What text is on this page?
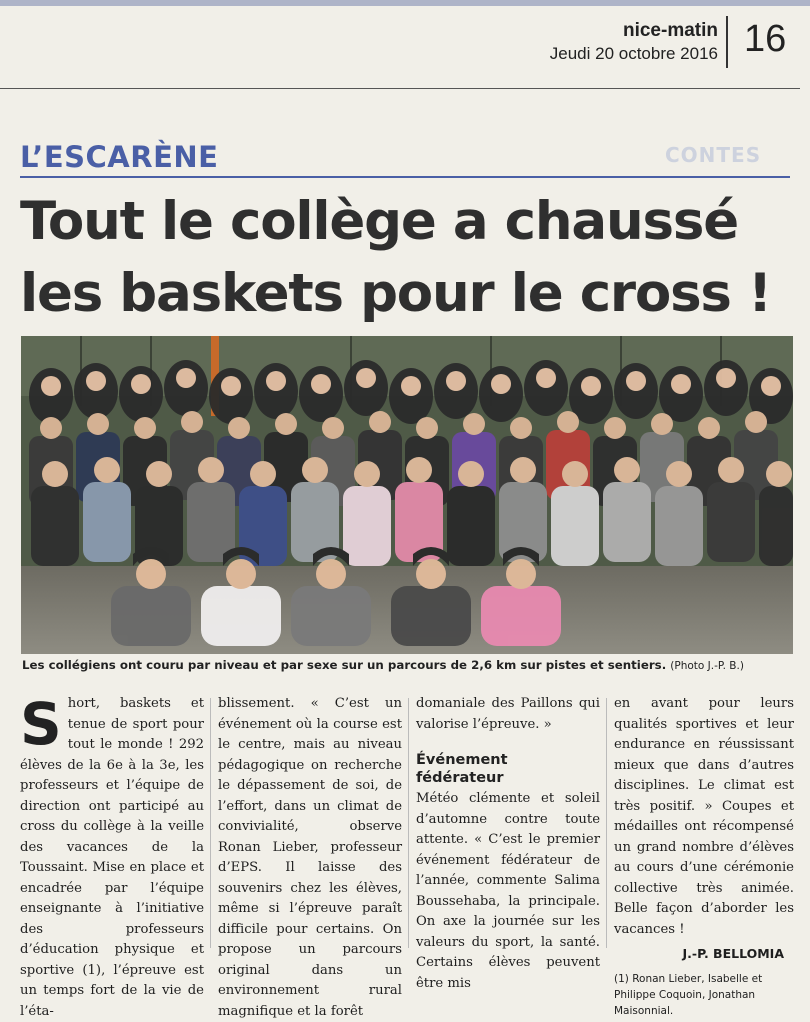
nice-matin
Jeudi 20 octobre 2016 16
CONTES
L’ESCARÈNE
Tout le collège a chaussé
les baskets pour le cross !
Les collégiens ont couru par niveau et par sexe sur un parcours de 2,6 km sur pistes et sentiers. (Photo J.-P. B.)
S hort, baskets et tenue de sport pour tout le monde ! 292 élèves de la 6e à la 3e, les professeurs et l’équipe de direction ont participé au cross du collège à la veille des vacances de la Toussaint. Mise en place et encadrée par l’équipe enseignante à l’initiative des professeurs d’éducation physique et sportive (1), l’épreuve est un temps fort de la vie de l’éta-

blissement. « C’est un événement où la course est le centre, mais au niveau pédagogique on recherche le dépassement de soi, de l’effort, dans un climat de convivialité, observe Ronan Lieber, professeur d’EPS. Il laisse des souvenirs chez les élèves, même si l’épreuve paraît difficile pour certains. On propose un parcours original dans un environnement rural magnifique et la forêt

domaniale des Paillons qui valorise l’épreuve. »

Événement fédérateur

Météo clémente et soleil d’automne contre toute attente. « C’est le premier événement fédérateur de l’année, commente Salima Boussehaba, la principale. On axe la journée sur les valeurs du sport, la santé. Certains élèves peuvent être mis

en avant pour leurs qualités sportives et leur endurance en réussissant mieux que dans d’autres disciplines. Le climat est très positif. » Coupes et médailles ont récompensé un grand nombre d’élèves au cours d’une cérémonie collective très animée. Belle façon d’aborder les vacances !

J.-P. BELLOMIA
(1) Ronan Lieber, Isabelle et Philippe Coquoin, Jonathan Maisonnial.
